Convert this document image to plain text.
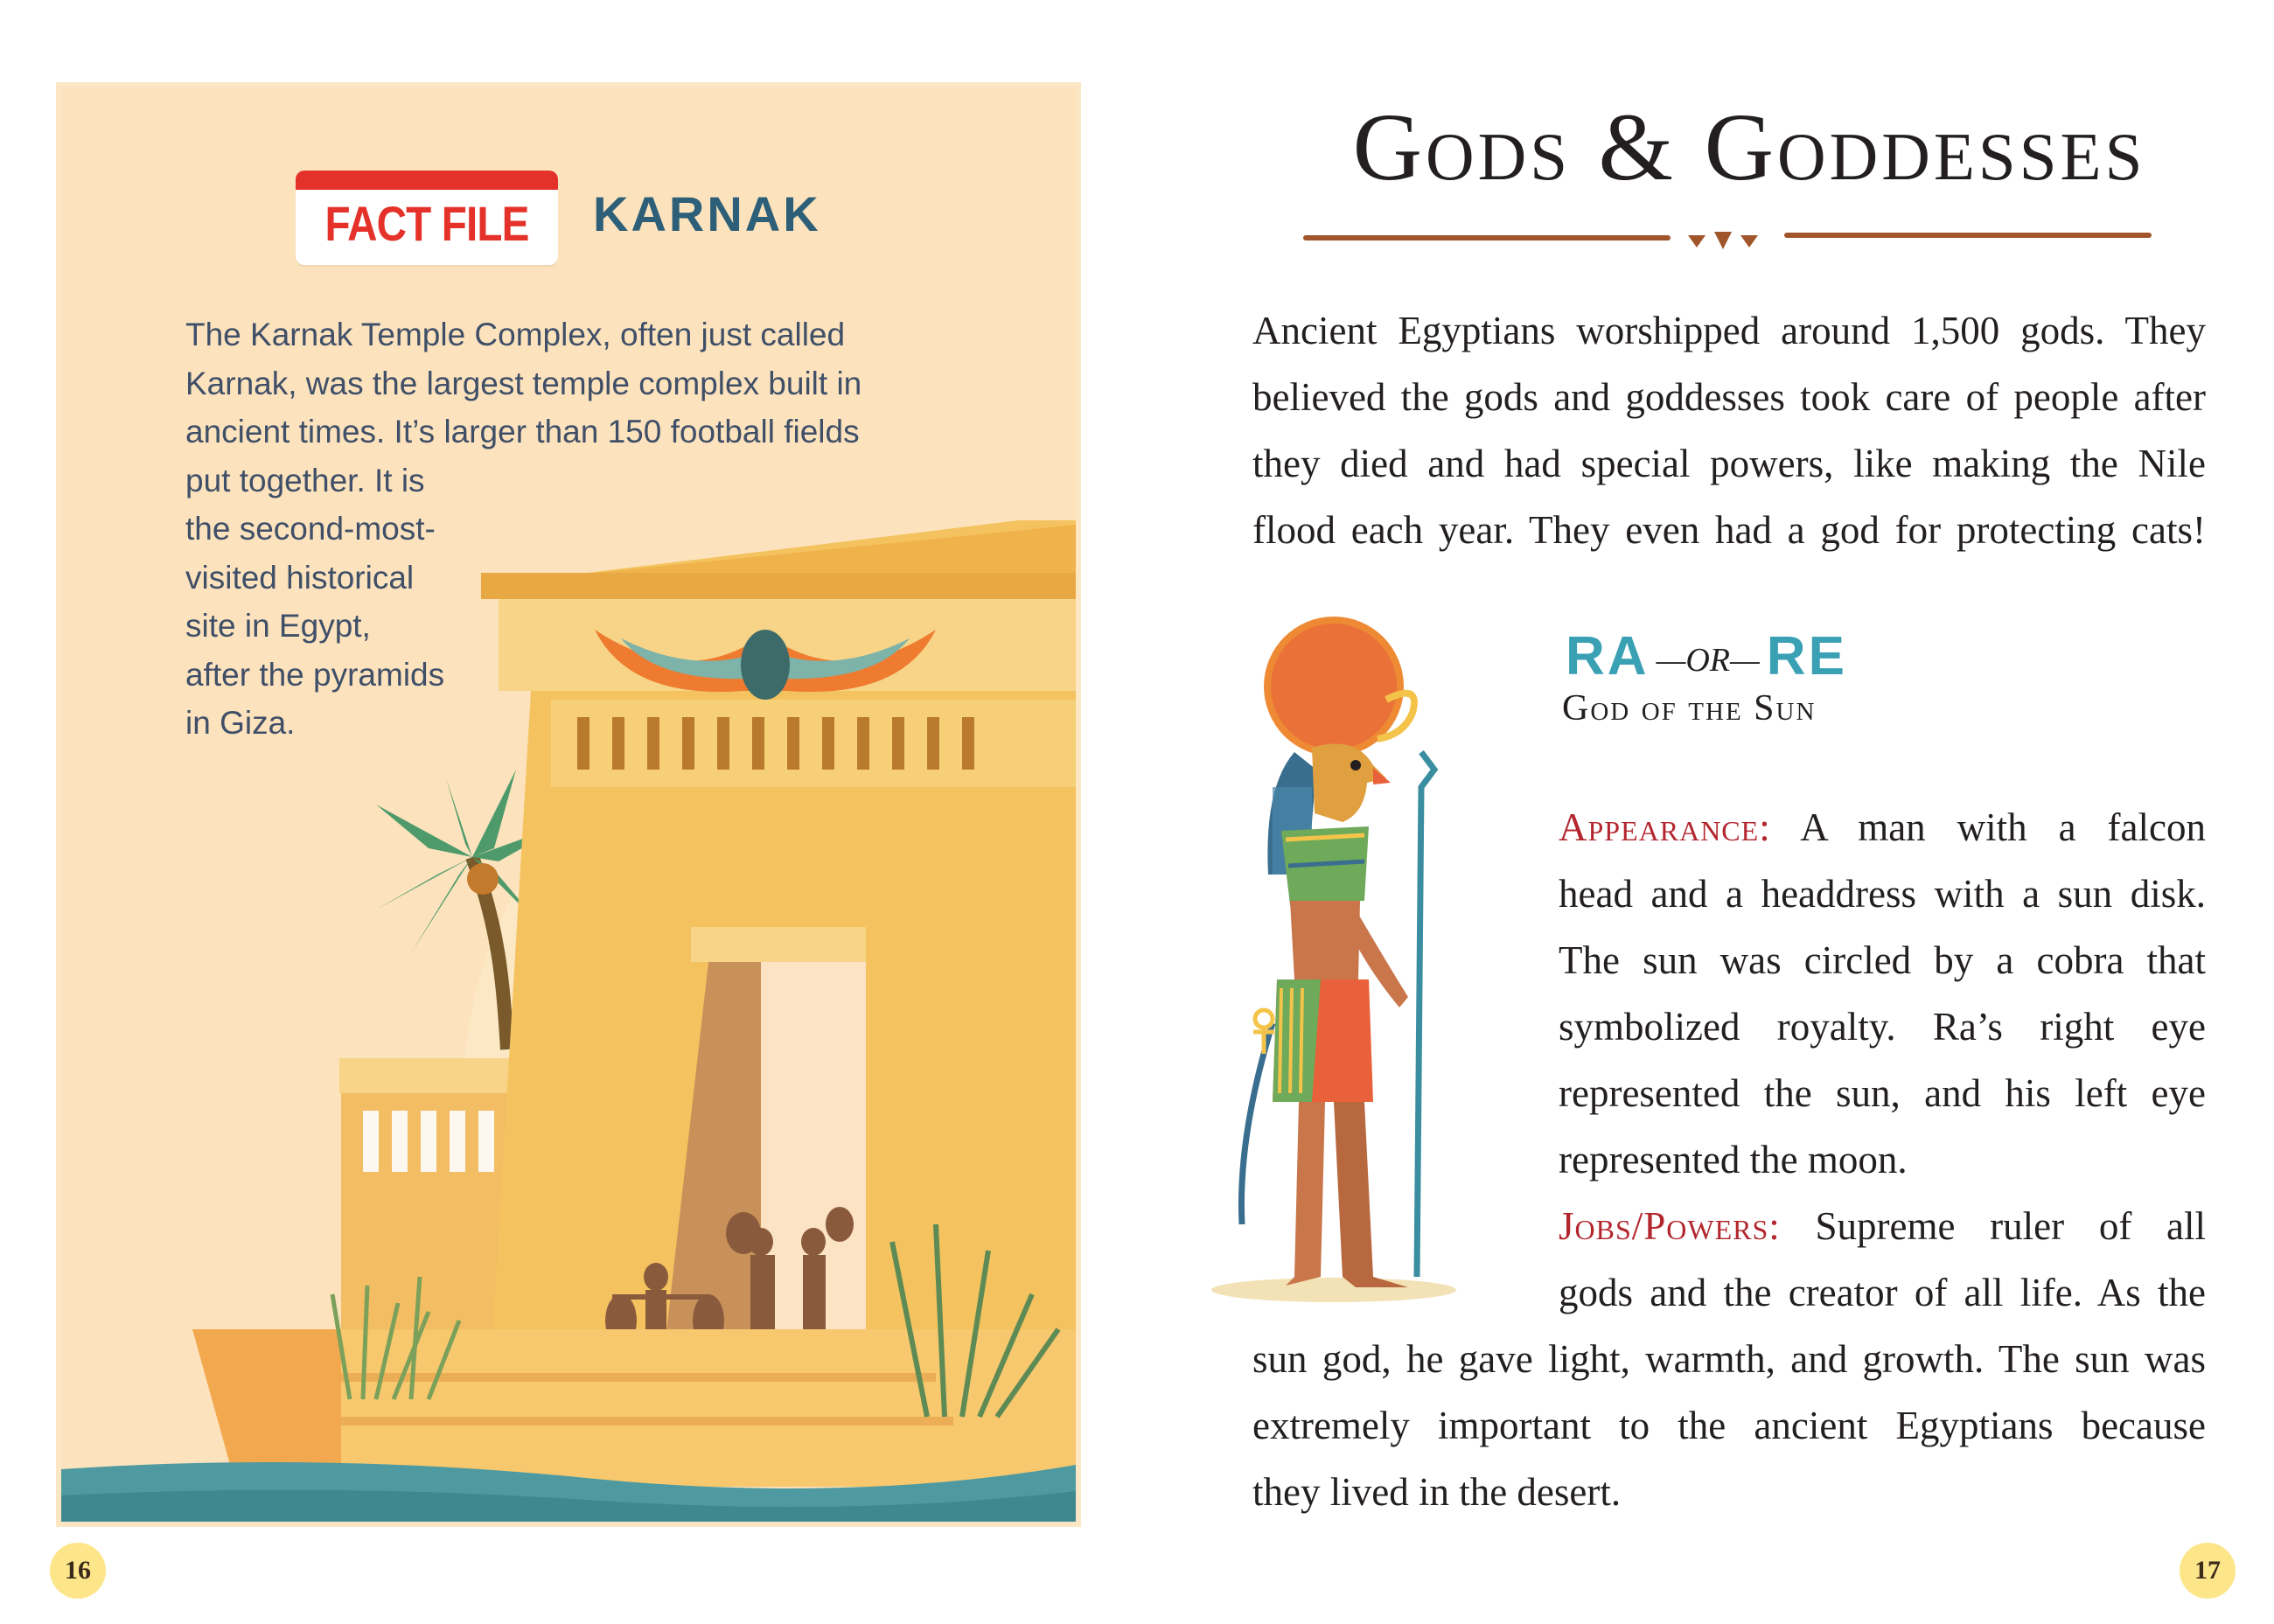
FACT FILE KARNAK

The Karnak Temple Complex, often just called
Karnak, was the largest temple complex built in
ancient times. It’s larger than 150 football fields
put together. It is
the second-most-
visited historical
site in Egypt,
after the pyramids
in Giza.

16
Gods & Goddesses

Ancient Egyptians worshipped around 1,500 gods. They
believed the gods and goddesses took care of people after
they died and had special powers, like making the Nile
flood each year. They even had a god for protecting cats!

RA —OR— RE
God of the Sun

Appearance: A man with a falcon
head and a headdress with a sun disk.
The sun was circled by a cobra that
symbolized royalty. Ra’s right eye
represented the sun, and his left eye
represented the moon.
Jobs/Powers: Supreme ruler of all
gods and the creator of all life. As the

sun god, he gave light, warmth, and growth. The sun was
extremely important to the ancient Egyptians because
they lived in the desert.

17
